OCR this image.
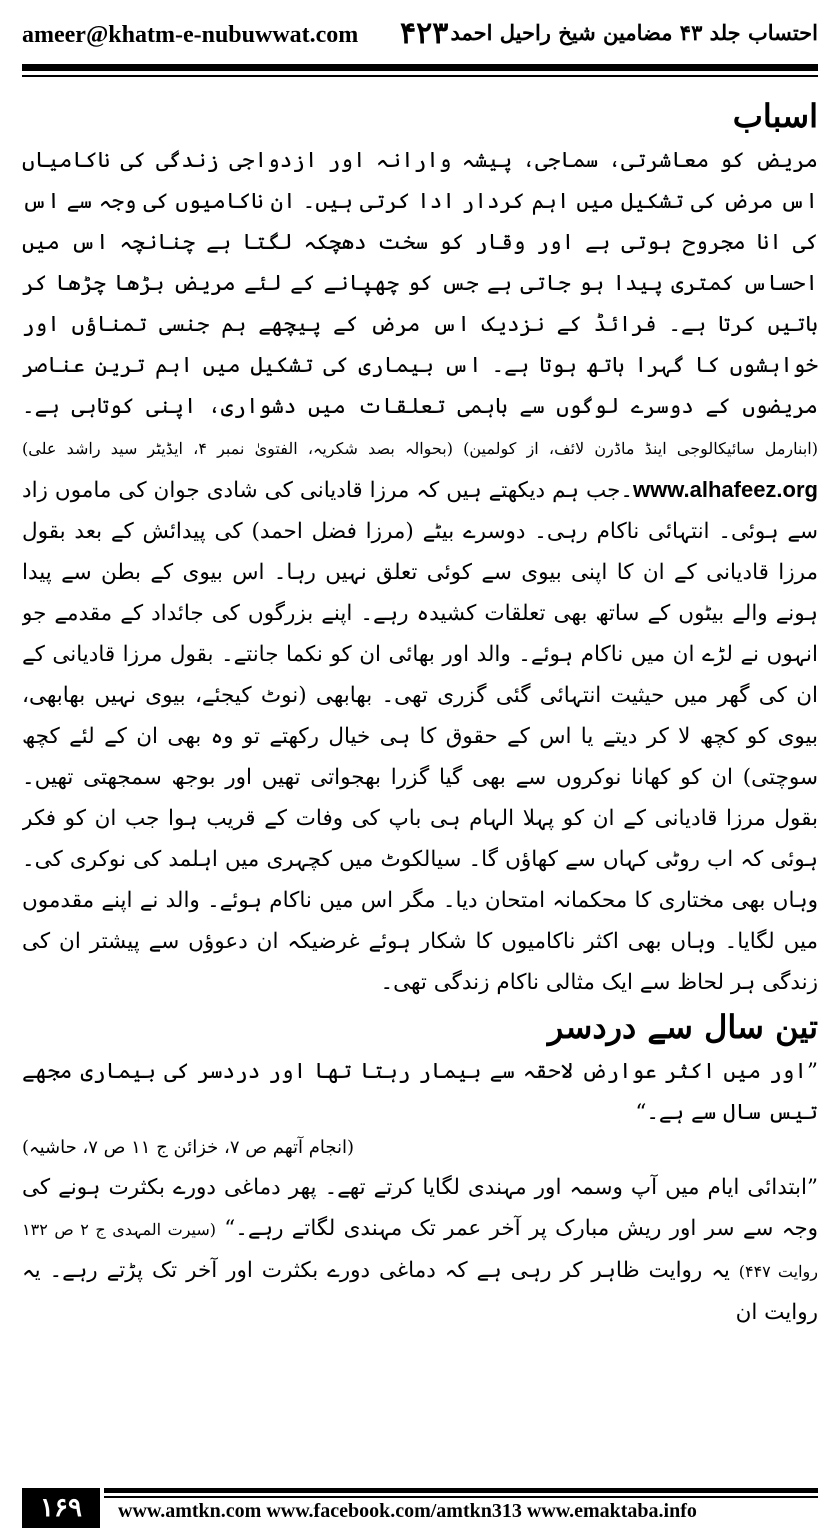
ameer@khatm-e-nubuwwat.com ۴۲۳ احتساب جلد ۴۳ مضامین شیخ راحیل احمد
اسباب

مریض کو معاشرتی، سماجی، پیشہ وارانہ اور ازدواجی زندگی کی ناکامیاں اس مرض کی تشکیل میں اہم کردار ادا کرتی ہیں۔ ان ناکامیوں کی وجہ سے اس کی انا مجروح ہوتی ہے اور وقار کو سخت دھچکہ لگتا ہے چنانچہ اس میں احساس کمتری پیدا ہو جاتی ہے جس کو چھپانے کے لئے مریض بڑھا چڑھا کر باتیں کرتا ہے۔ فرائڈ کے نزدیک اس مرض کے پیچھے ہم جنسی تمناؤں اور خواہشوں کا گہرا ہاتھ ہوتا ہے۔ اس بیماری کی تشکیل میں اہم ترین عناصر مریضوں کے دوسرے لوگوں سے باہمی تعلقات میں دشواری، اپنی کوتاہی ہے۔ (ابنارمل سائیکالوجی اینڈ ماڈرن لائف، از کولمین) (بحوالہ بصد شکریہ، الفتویٰ نمبر ۴، ایڈیٹر سید راشد علی) www.alhafeez.org۔جب ہم دیکھتے ہیں کہ مرزا قادیانی کی شادی جوان کی ماموں زاد سے ہوئی۔ انتہائی ناکام رہی۔ دوسرے بیٹے (مرزا فضل احمد) کی پیدائش کے بعد بقول مرزا قادیانی کے ان کا اپنی بیوی سے کوئی تعلق نہیں رہا۔ اس بیوی کے بطن سے پیدا ہونے والے بیٹوں کے ساتھ بھی تعلقات کشیدہ رہے۔ اپنے بزرگوں کی جائداد کے مقدمے جو انہوں نے لڑے ان میں ناکام ہوئے۔ والد اور بھائی ان کو نکما جانتے۔ بقول مرزا قادیانی کے ان کی گھر میں حیثیت انتہائی گئی گزری تھی۔ بھابھی (نوٹ کیجئے، بیوی نہیں بھابھی، بیوی کو کچھ لا کر دیتے یا اس کے حقوق کا ہی خیال رکھتے تو وہ بھی ان کے لئے کچھ سوچتی) ان کو کھانا نوکروں سے بھی گیا گزرا بھجواتی تھیں اور بوجھ سمجھتی تھیں۔ بقول مرزا قادیانی کے ان کو پہلا الہام ہی باپ کی وفات کے قریب ہوا جب ان کو فکر ہوئی کہ اب روٹی کہاں سے کھاؤں گا۔ سیالکوٹ میں کچہری میں اہلمد کی نوکری کی۔ وہاں بھی مختاری کا محکمانہ امتحان دیا۔ مگر اس میں ناکام ہوئے۔ والد نے اپنے مقدموں میں لگایا۔ وہاں بھی اکثر ناکامیوں کا شکار ہوئے غرضیکہ ان دعوؤں سے پیشتر ان کی زندگی ہر لحاظ سے ایک مثالی ناکام زندگی تھی۔

تین سال سے دردسر

”اور میں اکثر عوارض لاحقہ سے بیمار رہتا تھا اور دردسر کی بیماری مجھے تیس سال سے ہے۔“

(انجام آتھم ص ۷، خزائن ج ۱۱ ص ۷، حاشیہ)

”ابتدائی ایام میں آپ وسمہ اور مہندی لگایا کرتے تھے۔ پھر دماغی دورے بکثرت ہونے کی وجہ سے سر اور ریش مبارک پر آخر عمر تک مہندی لگاتے رہے۔“ (سیرت المہدی ج ۲ ص ۱۳۲ روایت ۴۴۷) یہ روایت ظاہر کر رہی ہے کہ دماغی دورے بکثرت اور آخر تک پڑتے رہے۔ یہ روایت ان

۱۶۹	www.amtkn.com www.facebook.com/amtkn313 www.emaktaba.info
